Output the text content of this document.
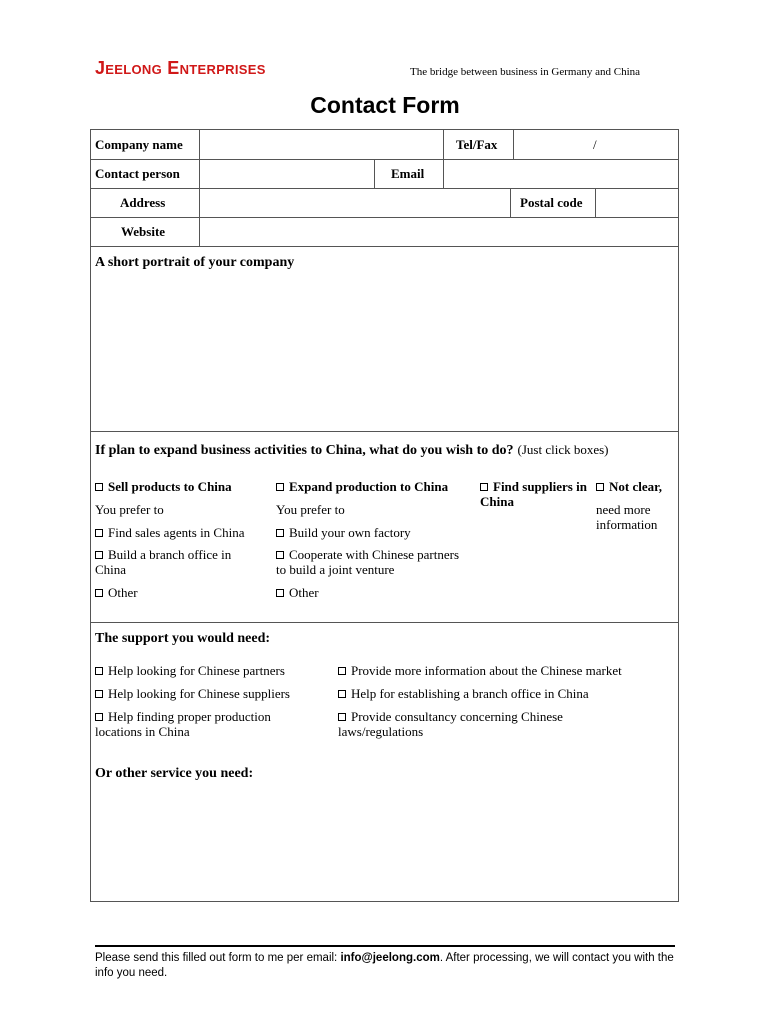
Jeelong Enterprises	The bridge between business in Germany and China
Contact Form
Company name	Tel/Fax	/
Contact person	Email
Address	Postal code
Website
A short portrait of your company
If plan to expand business activities to China, what do you wish to do? (Just click boxes)
Sell products to China
You prefer to
Find sales agents in China
Build a branch office in China
Other
Expand production to China
You prefer to
Build your own factory
Cooperate with Chinese partners to build a joint venture
Other
Find suppliers in China
Not clear,
need more information
The support you would need:
Help looking for Chinese partners
Help looking for Chinese suppliers
Help finding proper production locations in China
Provide more information about the Chinese market
Help for establishing a branch office in China
Provide consultancy concerning Chinese laws/regulations
Or other service you need:
Please send this filled out form to me per email: info@jeelong.com. After processing, we will contact you with the info you need.
